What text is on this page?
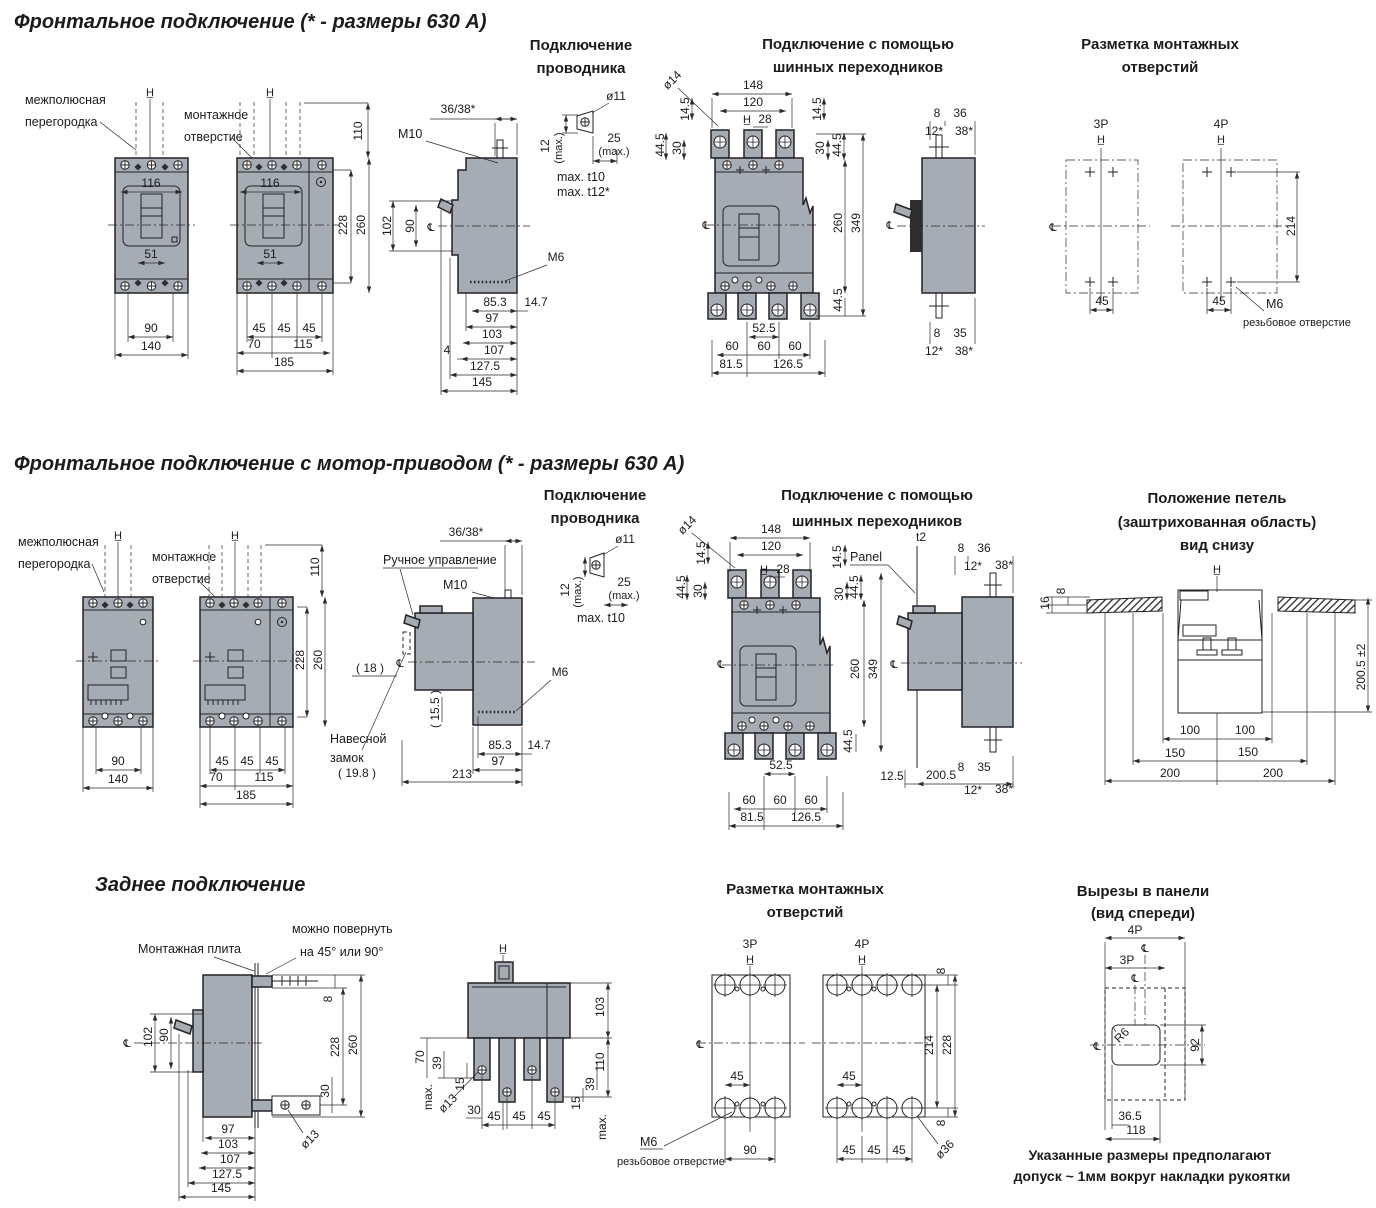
Фронтальное подключение (* - размеры 630 А)
межполюсная
перегородка
H̲
116
51
90
140
монтажное
отверстие
H̲
110
116
51
228 260
45 45 45
70	115
185
36/38*
M10
102 90 ℄
M6
85.3 14.7
97
103
4	107
127.5
145
Подключение
проводника
ø11
12 (max.)	25
(max.)
max. t10
max. t12*
Подключение с помощью
шинных переходников
ø14	148
120
H̲ 28
14.5
44.5 30
14.5
30 44.5
℄	260 349
44.5
52.5
60 60 60
81.5	126.5
8 36
12* 38*
℄
8 35
12* 38*
Разметка монтажных
отверстий
3P
H̲
℄
45
4P
H̲
214
45	M6
резьбовое отверстие
Фронтальное подключение с мотор-приводом (* - размеры 630 А)
межполюсная
перегородка
H̲
90
140
монтажное
отверстие
H̲
110
228 260
45 45 45
70	115
185
Ручное управление
36/38*
M10
( 18 ) ℄
( 15.5 )
Навесной
замок
( 19.8 )	213
M6
85.3 14.7
97
Подключение
проводника
ø11
12 (max.)	25
(max.)
max. t10
Подключение с помощью
шинных переходников
ø14	148
120
H̲ 28
14.5
44.5 30
14.5
30 44.5
℄	260 349
44.5
52.5
60 60 60
81.5 126.5
t2
Panel
8 36
12* 38*
℄
8 35
12.5 200.5
12* 38*
Положение петель
(заштрихованная область)
вид снизу
H̲
8
16
200.5 ±2
100	100
150	150
200	200
Заднее подключение
Монтажная плита
можно повернуть
на 45° или 90°
℄ 102 90
8
228 260
30
ø13
97
103
107
127.5
145
H̲
103
110
70 39
max. ø13
15
30 45 45 45
15
39
max.
Разметка монтажных
отверстий
3P
H̲
℄
45
90
M6
резьбовое отверстие
4P
H̲
45
8
214 228
8
45 45 45 ø36
Вырезы в панели
(вид спереди)
4P
℄
3P
℄
R6
℄	92
36.5
118
Указанные размеры предполагают
допуск ~ 1мм вокруг накладки рукоятки
